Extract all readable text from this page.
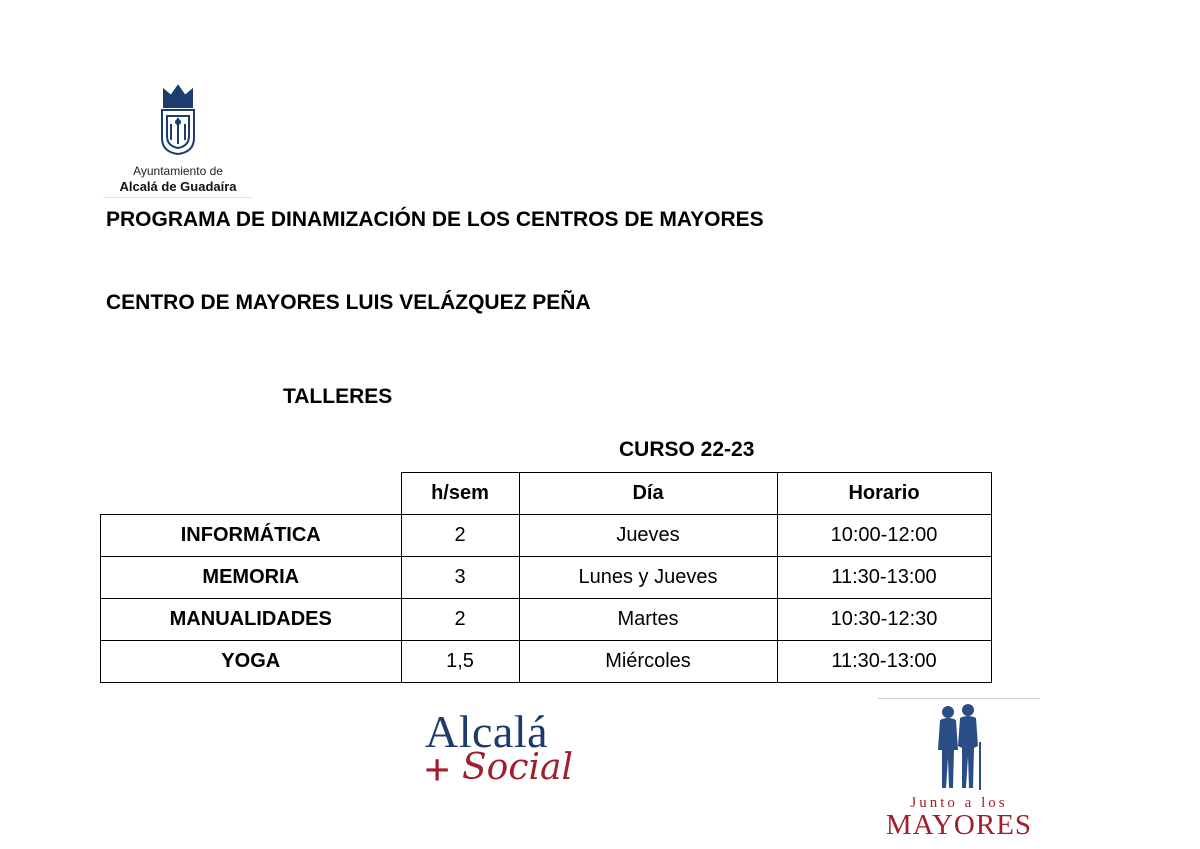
Ayuntamiento de
Alcalá de Guadaíra
PROGRAMA DE DINAMIZACIÓN DE LOS CENTROS DE MAYORES
CENTRO DE MAYORES LUIS VELÁZQUEZ PEÑA
TALLERES
CURSO 22-23
	h/sem	Día	Horario
INFORMÁTICA	2	Jueves	10:00-12:00
MEMORIA	3	Lunes y Jueves	11:30-13:00
MANUALIDADES	2	Martes	10:30-12:30
YOGA	1,5	Miércoles	11:30-13:00
Alcalá
+ Social
Junto a los
MAYORES
